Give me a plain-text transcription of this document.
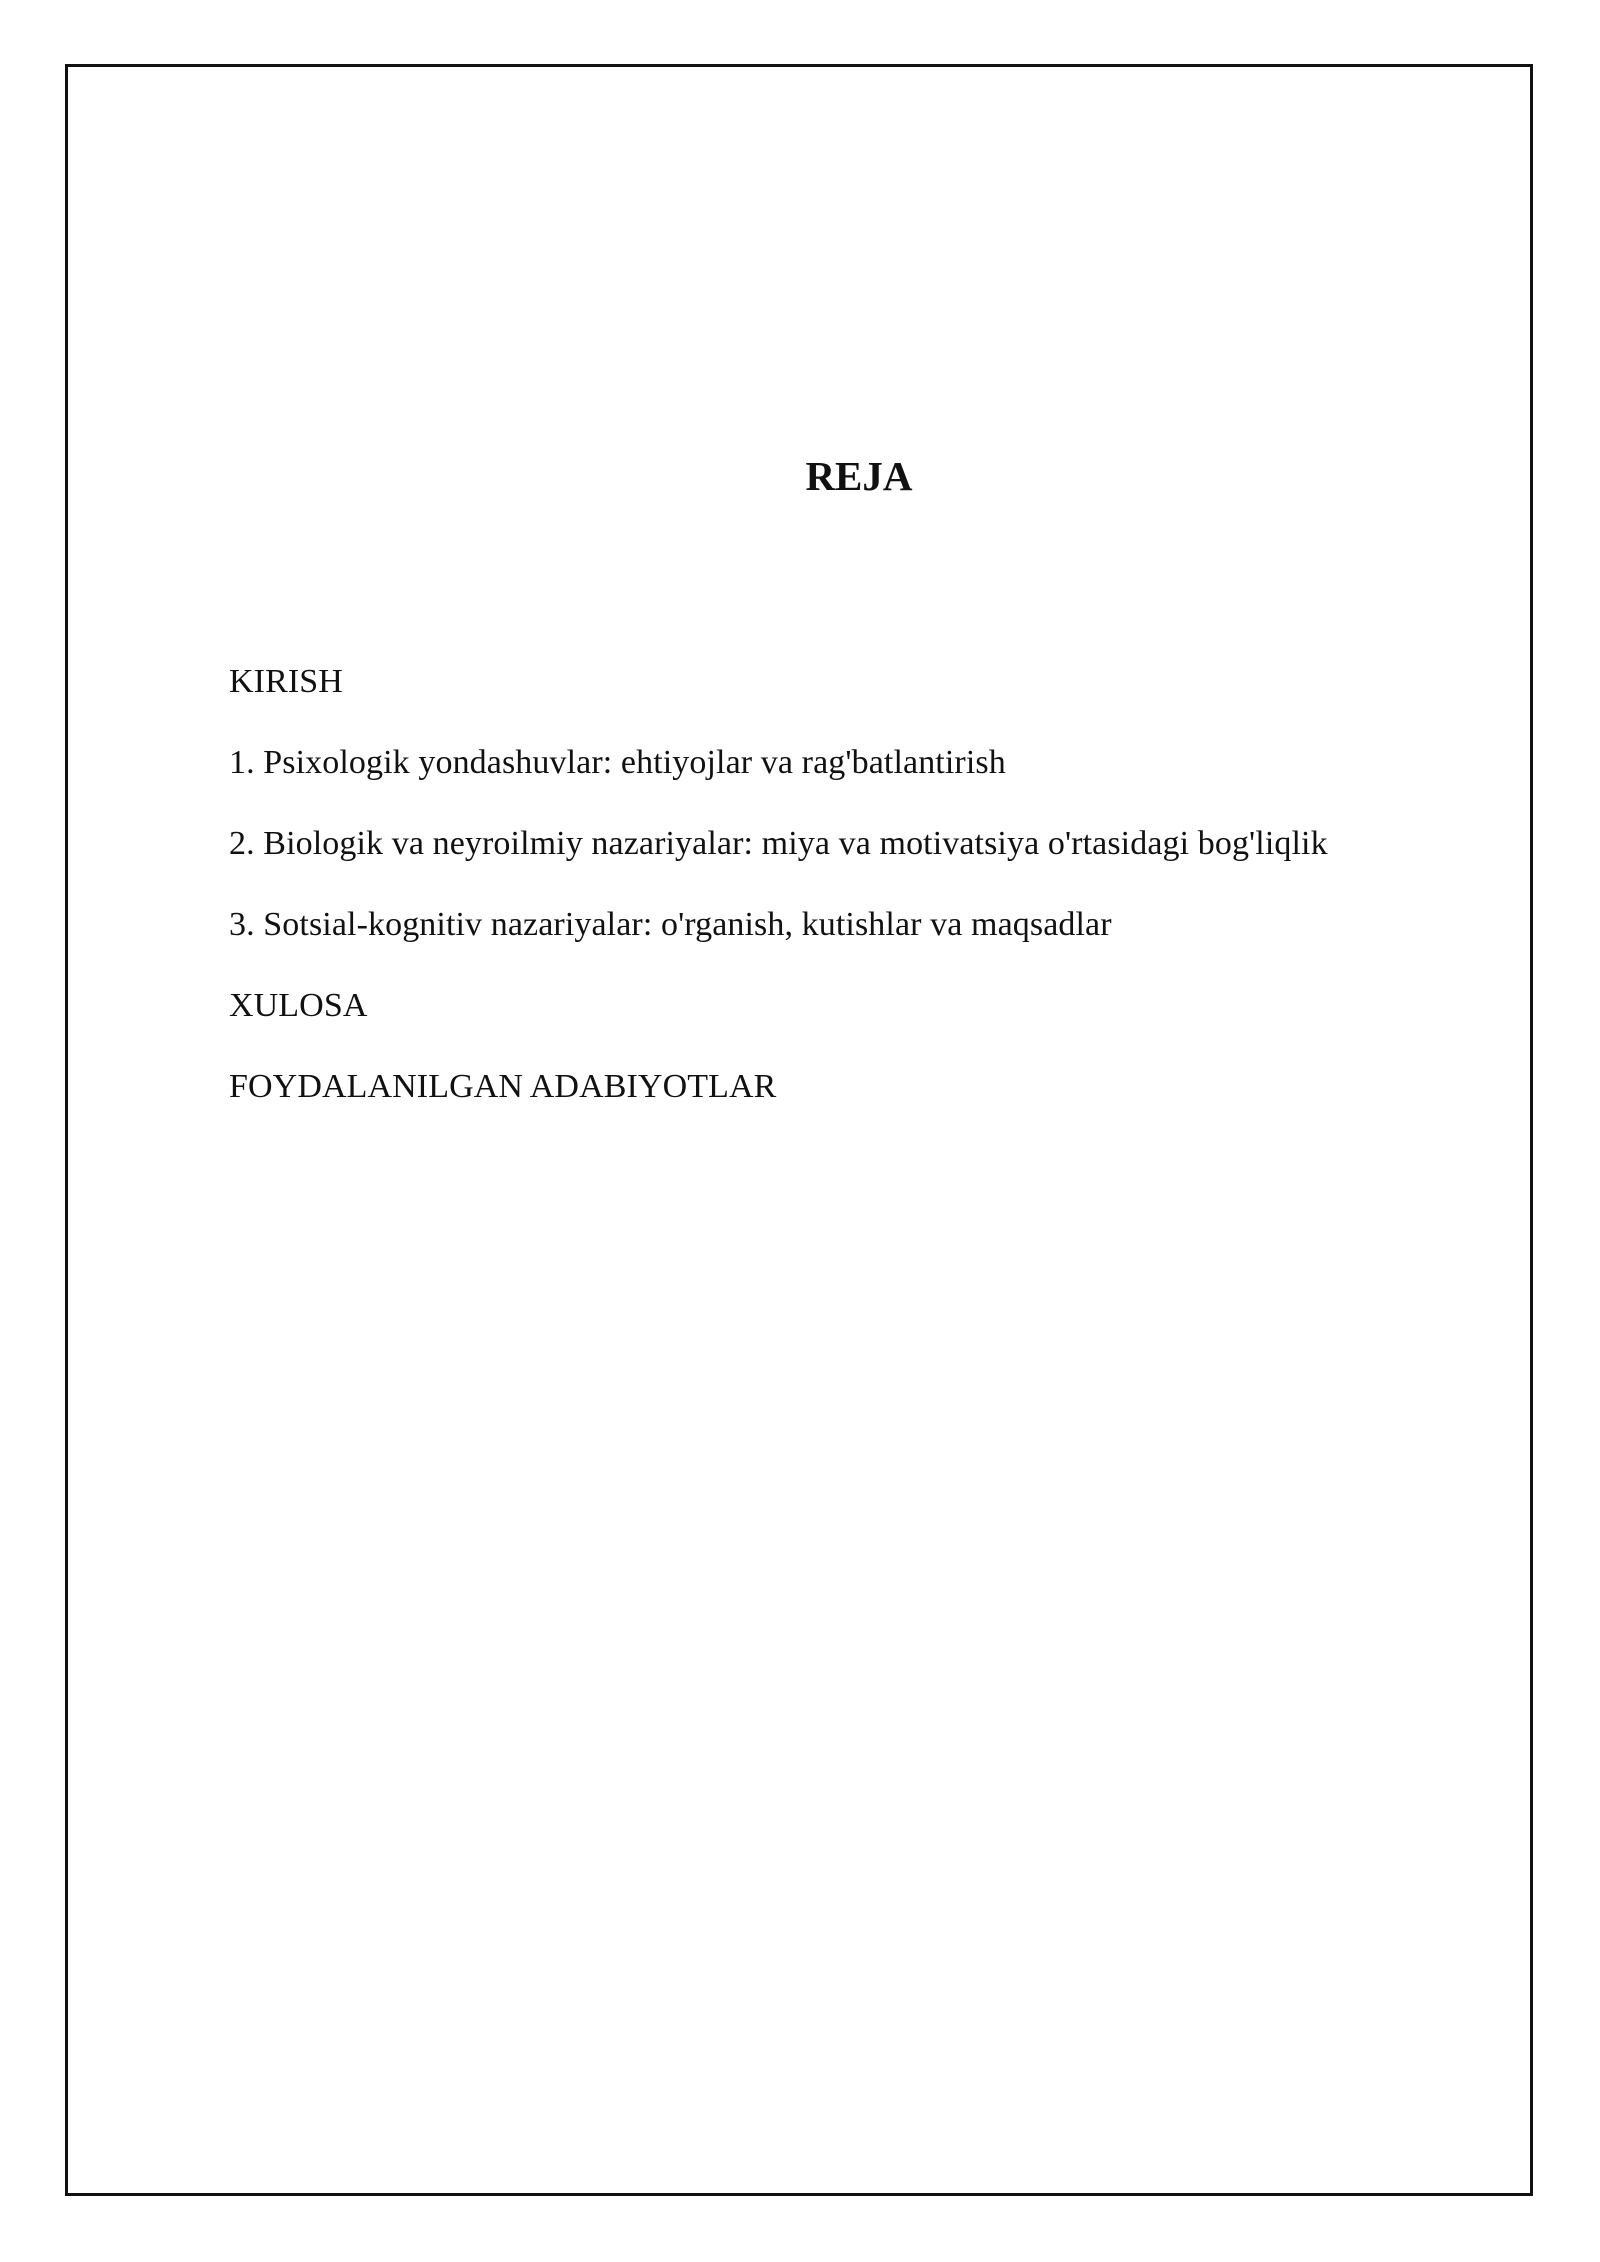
REJA
KIRISH
1. Psixologik yondashuvlar: ehtiyojlar va rag'batlantirish
2. Biologik va neyroilmiy nazariyalar: miya va motivatsiya o'rtasidagi bog'liqlik
3. Sotsial-kognitiv nazariyalar: o'rganish, kutishlar va maqsadlar
XULOSA
FOYDALANILGAN ADABIYOTLAR
